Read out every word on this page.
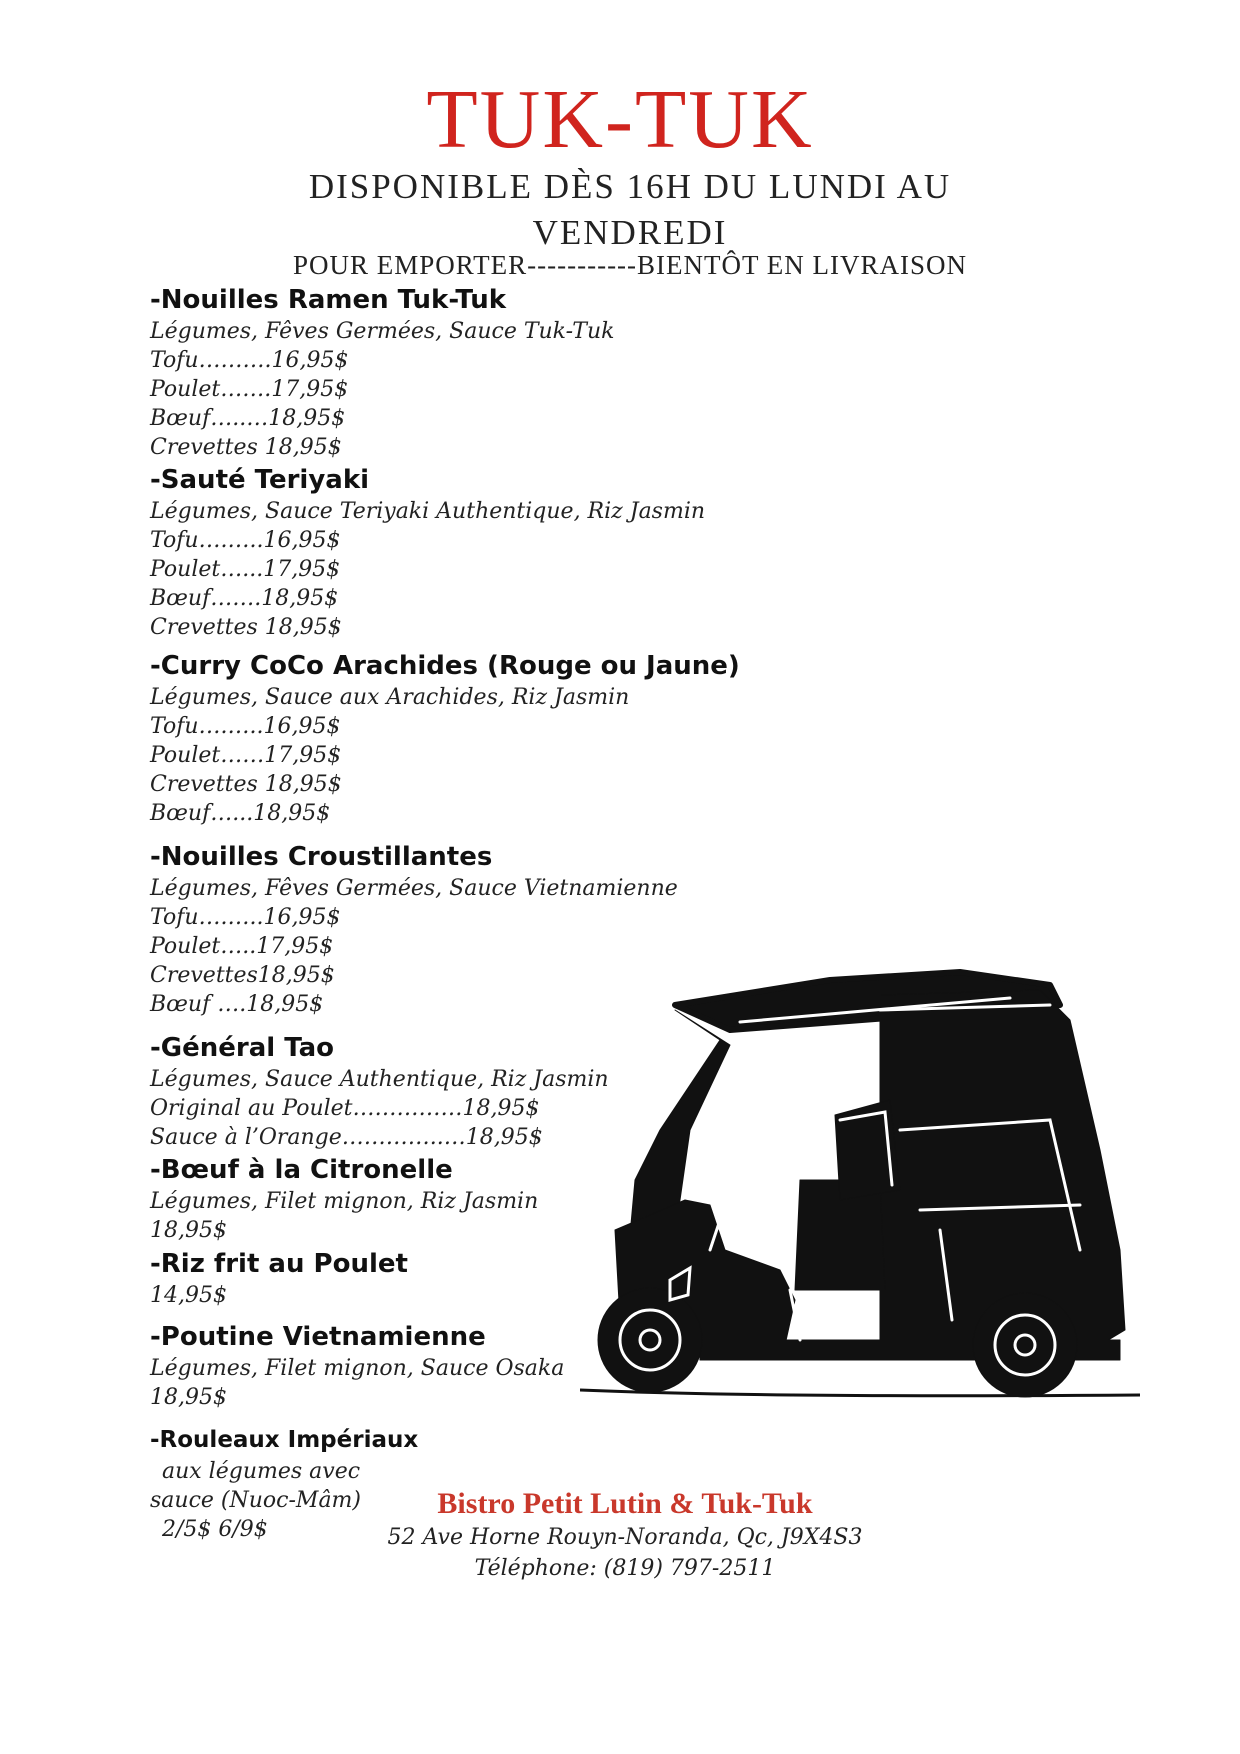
TUK-TUK
DISPONIBLE DÈS 16H DU LUNDI AU VENDREDI
POUR EMPORTER-----------BIENTÔT EN LIVRAISON
-Nouilles Ramen Tuk-Tuk
Légumes, Fêves Germées, Sauce Tuk-Tuk
Tofu……….16,95$
Poulet…….17,95$
Bœuf…..…18,95$
Crevettes 18,95$
-Sauté Teriyaki
Légumes, Sauce Teriyaki Authentique, Riz Jasmin
Tofu….…..16,95$
Poulet…...17,95$
Bœuf…….18,95$
Crevettes 18,95$
-Curry CoCo Arachides (Rouge ou Jaune)
Légumes, Sauce aux Arachides, Riz Jasmin
Tofu….…..16,95$
Poulet……17,95$
Crevettes 18,95$
Bœuf…...18,95$
-Nouilles Croustillantes
Légumes, Fêves Germées, Sauce Vietnamienne
Tofu….…..16,95$
Poulet…..17,95$
Crevettes18,95$
Bœuf ….18,95$
-Général Tao
Légumes, Sauce Authentique, Riz Jasmin
Original au Poulet……………18,95$
Sauce à l’Orange…………..…18,95$
-Bœuf à la Citronelle
Légumes, Filet mignon, Riz Jasmin
18,95$
-Riz frit au Poulet
14,95$
-Poutine Vietnamienne
Légumes, Filet mignon, Sauce Osaka
18,95$
-Rouleaux Impériaux
aux légumes avec
sauce (Nuoc-Mâm)
2/5$ 6/9$
Bistro Petit Lutin & Tuk-Tuk
52 Ave Horne Rouyn-Noranda, Qc, J9X4S3
Téléphone: (819) 797-2511
